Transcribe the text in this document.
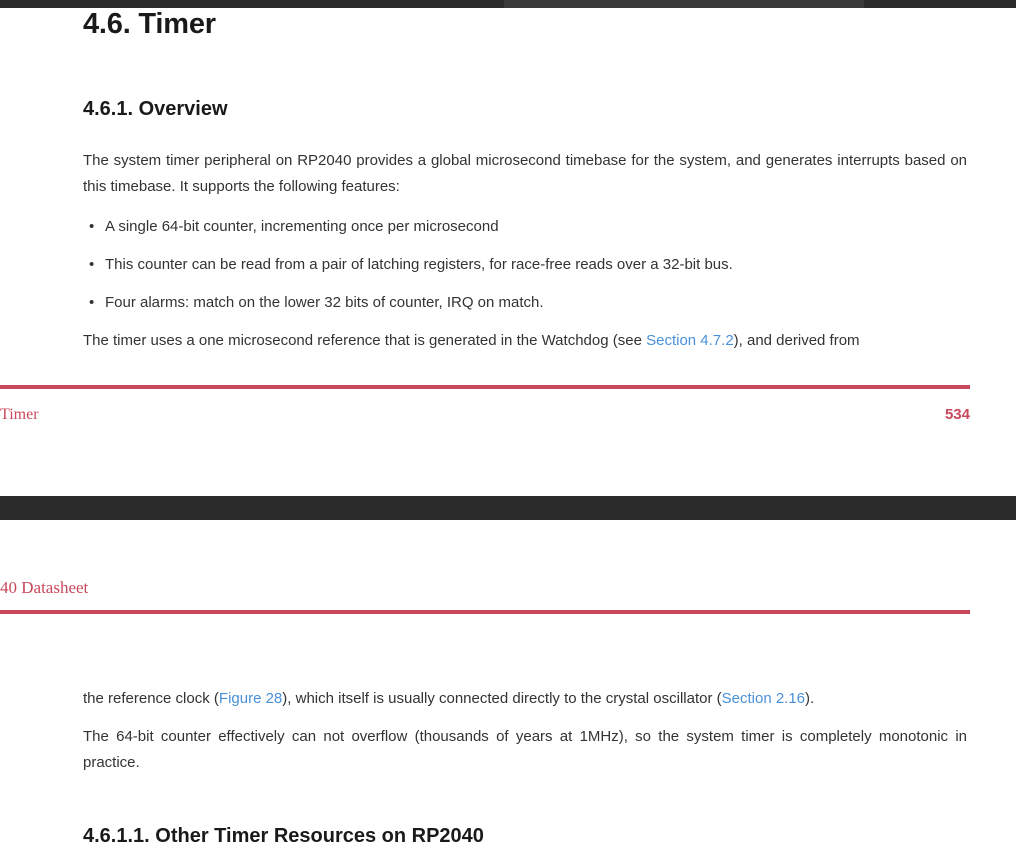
4.6. Timer
4.6.1. Overview

The system timer peripheral on RP2040 provides a global microsecond timebase for the system, and generates interrupts based on this timebase. It supports the following features:

• A single 64-bit counter, incrementing once per microsecond
• This counter can be read from a pair of latching registers, for race-free reads over a 32-bit bus.
• Four alarms: match on the lower 32 bits of counter, IRQ on match.

The timer uses a one microsecond reference that is generated in the Watchdog (see Section 4.7.2), and derived from

Timer	534
40 Datasheet

the reference clock (Figure 28), which itself is usually connected directly to the crystal oscillator (Section 2.16).

The 64-bit counter effectively can not overflow (thousands of years at 1MHz), so the system timer is completely monotonic in practice.

4.6.1.1. Other Timer Resources on RP2040
